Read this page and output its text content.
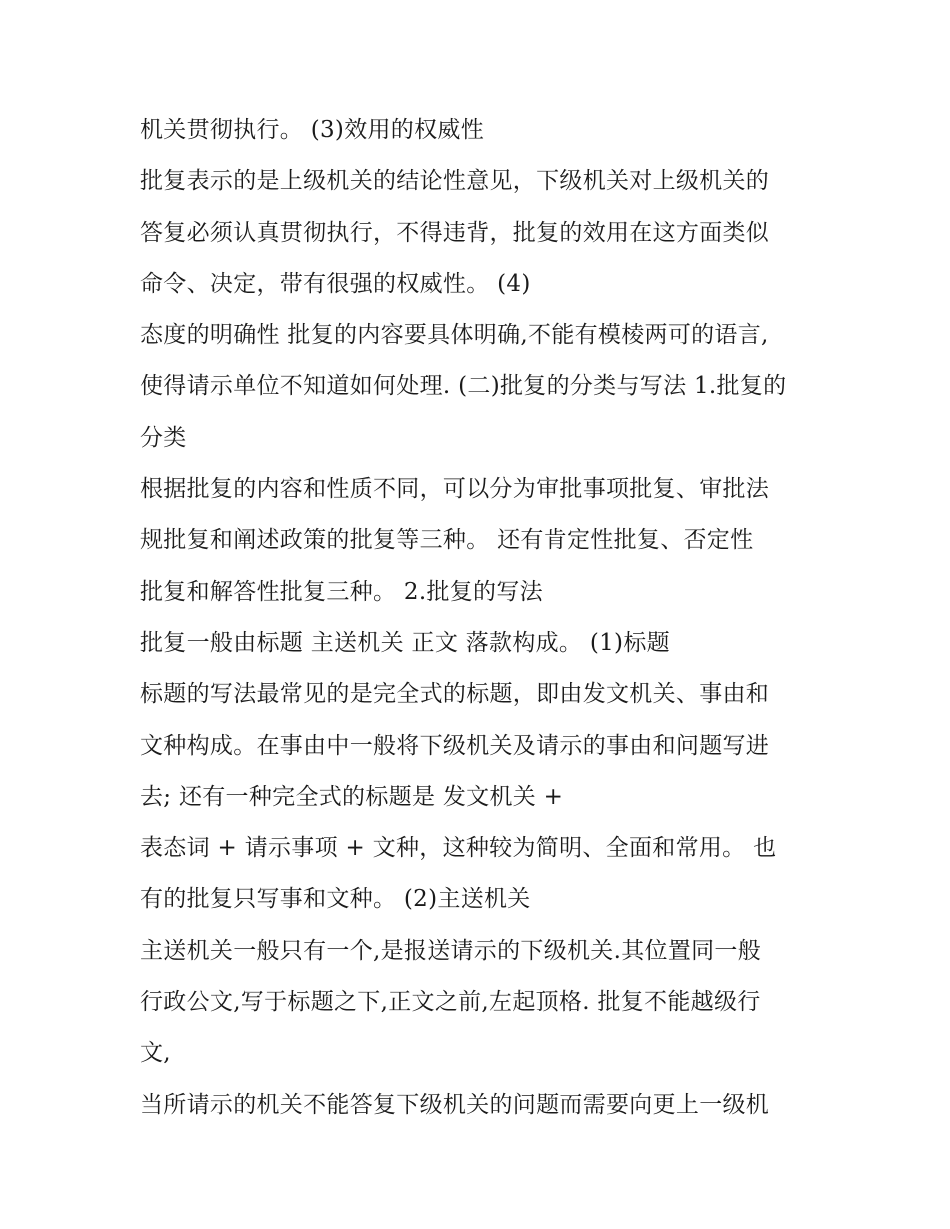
机关贯彻执行。 (3)效用的权威性
批复表示的是上级机关的结论性意见，下级机关对上级机关的
答复必须认真贯彻执行，不得违背，批复的效用在这方面类似
命令、决定，带有很强的权威性。 (4)
态度的明确性 批复的内容要具体明确,不能有模棱两可的语言,
使得请示单位不知道如何处理. (二)批复的分类与写法 1.批复的
分类
根据批复的内容和性质不同，可以分为审批事项批复、审批法
规批复和阐述政策的批复等三种。 还有肯定性批复、否定性
批复和解答性批复三种。 2.批复的写法
批复一般由标题 主送机关 正文 落款构成。 (1)标题
标题的写法最常见的是完全式的标题，即由发文机关、事由和
文种构成。在事由中一般将下级机关及请示的事由和问题写进
去; 还有一种完全式的标题是 发文机关 +
表态词 + 请示事项 + 文种，这种较为简明、全面和常用。 也
有的批复只写事和文种。 (2)主送机关
主送机关一般只有一个,是报送请示的下级机关.其位置同一般
行政公文,写于标题之下,正文之前,左起顶格. 批复不能越级行
文,
当所请示的机关不能答复下级机关的问题而需要向更上一级机
